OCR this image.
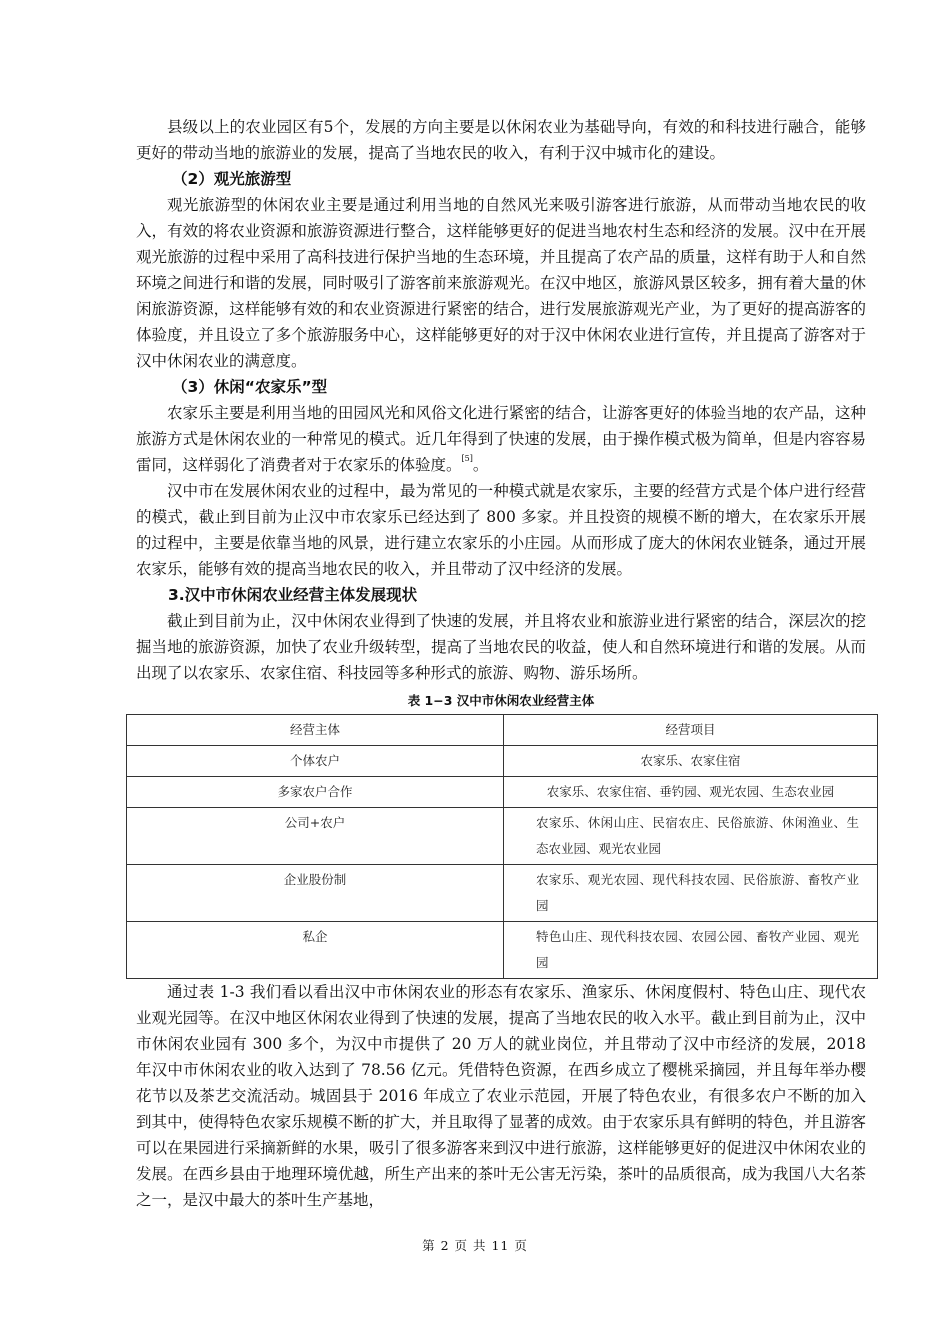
县级以上的农业园区有5个，发展的方向主要是以休闲农业为基础导向，有效的和科技进行融合，能够更好的带动当地的旅游业的发展，提高了当地农民的收入，有利于汉中城市化的建设。

（2）观光旅游型

观光旅游型的休闲农业主要是通过利用当地的自然风光来吸引游客进行旅游，从而带动当地农民的收入，有效的将农业资源和旅游资源进行整合，这样能够更好的促进当地农村生态和经济的发展。汉中在开展观光旅游的过程中采用了高科技进行保护当地的生态环境，并且提高了农产品的质量，这样有助于人和自然环境之间进行和谐的发展，同时吸引了游客前来旅游观光。在汉中地区，旅游风景区较多，拥有着大量的休闲旅游资源，这样能够有效的和农业资源进行紧密的结合，进行发展旅游观光产业，为了更好的提高游客的体验度，并且设立了多个旅游服务中心，这样能够更好的对于汉中休闲农业进行宣传，并且提高了游客对于汉中休闲农业的满意度。

（3）休闲“农家乐”型

农家乐主要是利用当地的田园风光和风俗文化进行紧密的结合，让游客更好的体验当地的农产品，这种旅游方式是休闲农业的一种常见的模式。近几年得到了快速的发展，由于操作模式极为简单，但是内容容易雷同，这样弱化了消费者对于农家乐的体验度。[5]。

汉中市在发展休闲农业的过程中，最为常见的一种模式就是农家乐，主要的经营方式是个体户进行经营的模式，截止到目前为止汉中市农家乐已经达到了 800 多家。并且投资的规模不断的增大，在农家乐开展的过程中，主要是依靠当地的风景，进行建立农家乐的小庄园。从而形成了庞大的休闲农业链条，通过开展农家乐，能够有效的提高当地农民的收入，并且带动了汉中经济的发展。

3.汉中市休闲农业经营主体发展现状

截止到目前为止，汉中休闲农业得到了快速的发展，并且将农业和旅游业进行紧密的结合，深层次的挖掘当地的旅游资源，加快了农业升级转型，提高了当地农民的收益，使人和自然环境进行和谐的发展。从而出现了以农家乐、农家住宿、科技园等多种形式的旅游、购物、游乐场所。

表 1−3 汉中市休闲农业经营主体
经营主体	经营项目
个体农户	农家乐、农家住宿
多家农户合作	农家乐、农家住宿、垂钓园、观光农园、生态农业园
公司+农户	农家乐、休闲山庄、民宿农庄、民俗旅游、休闲渔业、生态农业园、观光农业园
企业股份制	农家乐、观光农园、现代科技农园、民俗旅游、畜牧产业园
私企	特色山庄、现代科技农园、农园公园、畜牧产业园、观光园

通过表 1-3 我们看以看出汉中市休闲农业的形态有农家乐、渔家乐、休闲度假村、特色山庄、现代农业观光园等。在汉中地区休闲农业得到了快速的发展，提高了当地农民的收入水平。截止到目前为止，汉中市休闲农业园有 300 多个，为汉中市提供了 20 万人的就业岗位，并且带动了汉中市经济的发展，2018 年汉中市休闲农业的收入达到了 78.56 亿元。凭借特色资源，在西乡成立了樱桃采摘园，并且每年举办樱花节以及茶艺交流活动。城固县于 2016 年成立了农业示范园，开展了特色农业，有很多农户不断的加入到其中，使得特色农家乐规模不断的扩大，并且取得了显著的成效。由于农家乐具有鲜明的特色，并且游客可以在果园进行采摘新鲜的水果，吸引了很多游客来到汉中进行旅游，这样能够更好的促进汉中休闲农业的发展。在西乡县由于地理环境优越，所生产出来的茶叶无公害无污染，茶叶的品质很高，成为我国八大名茶之一，是汉中最大的茶叶生产基地，

第 2 页 共 11 页
